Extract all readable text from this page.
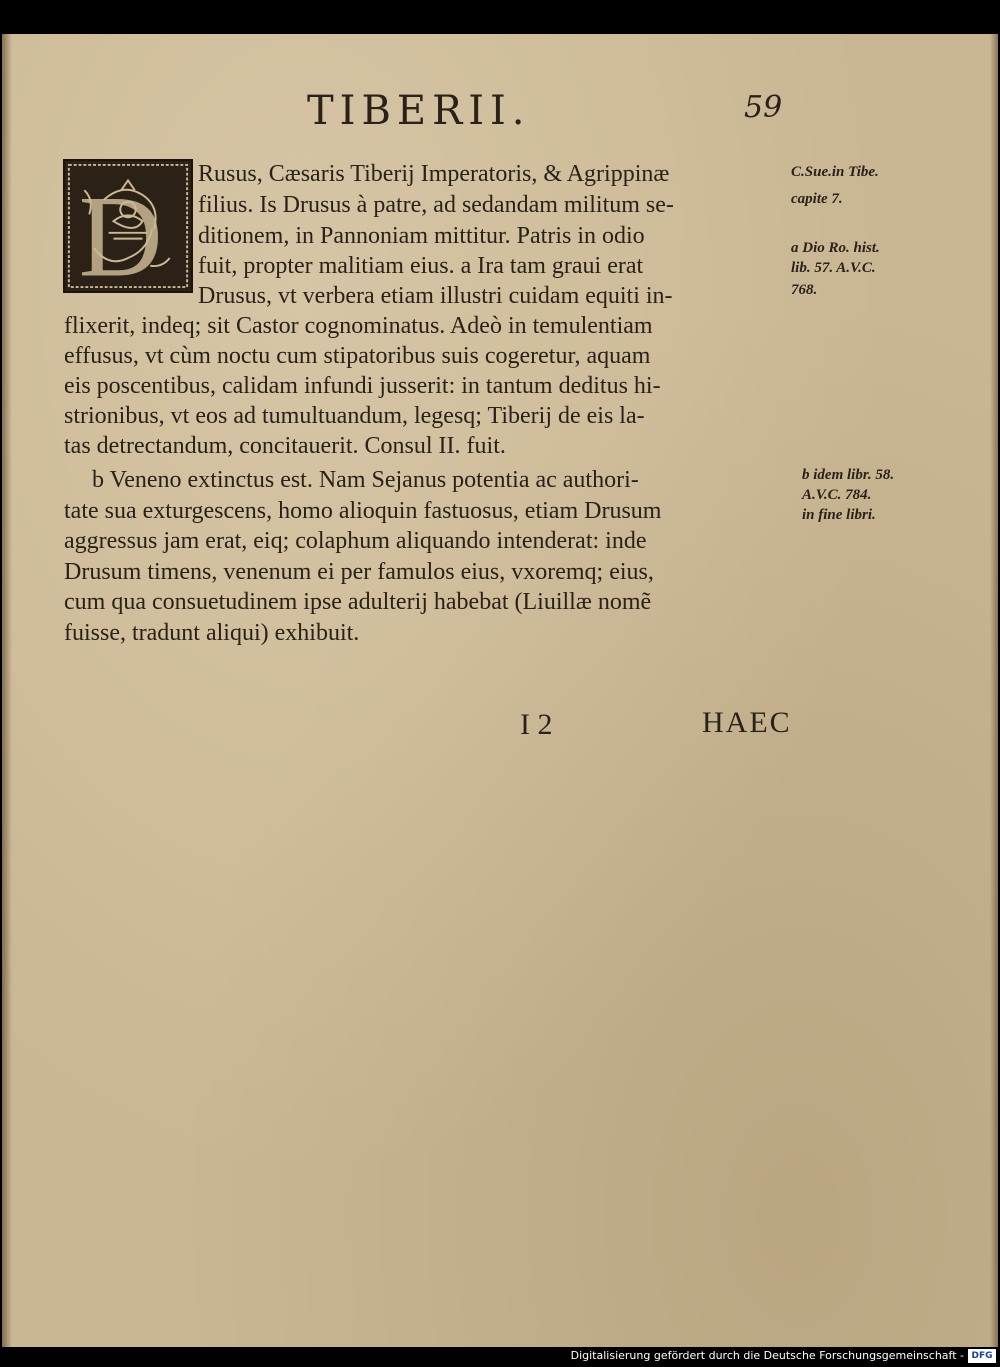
TIBERII.	59
D Rusus, Cæsaris Tiberij Imperatoris, & Agrippinæ
filius. Is Drusus à patre, ad sedandam militum se-
ditionem, in Pannoniam mittitur. Patris in odio
fuit, propter malitiam eius. a Ira tam graui erat
Drusus, vt verbera etiam illustri cuidam equiti in-
flixerit, indeq; sit Castor cognominatus. Adeò in temulentiam
effusus, vt cùm noctu cum stipatoribus suis cogeretur, aquam
eis poscentibus, calidam infundi jusserit: in tantum deditus hi-
strionibus, vt eos ad tumultuandum, legesq; Tiberij de eis la-
tas detrectandum, concitauerit. Consul II. fuit.
b Veneno extinctus est. Nam Sejanus potentia ac authori-
tate sua exturgescens, homo alioquin fastuosus, etiam Drusum
aggressus jam erat, eiq; colaphum aliquando intenderat: inde
Drusum timens, venenum ei per famulos eius, vxoremq; eius,
cum qua consuetudinem ipse adulterij habebat (Liuillæ nomẽ
fuisse, tradunt aliqui) exhibuit.
C.Sue.in Tibe.
capite 7.
a Dio Ro. hist.
lib. 57. A.V.C.
768.
b idem libr. 58.
A.V.C. 784.
in fine libri.
I 2	HAEC
Digitalisierung gefördert durch die Deutsche Forschungsgemeinschaft - DFG
